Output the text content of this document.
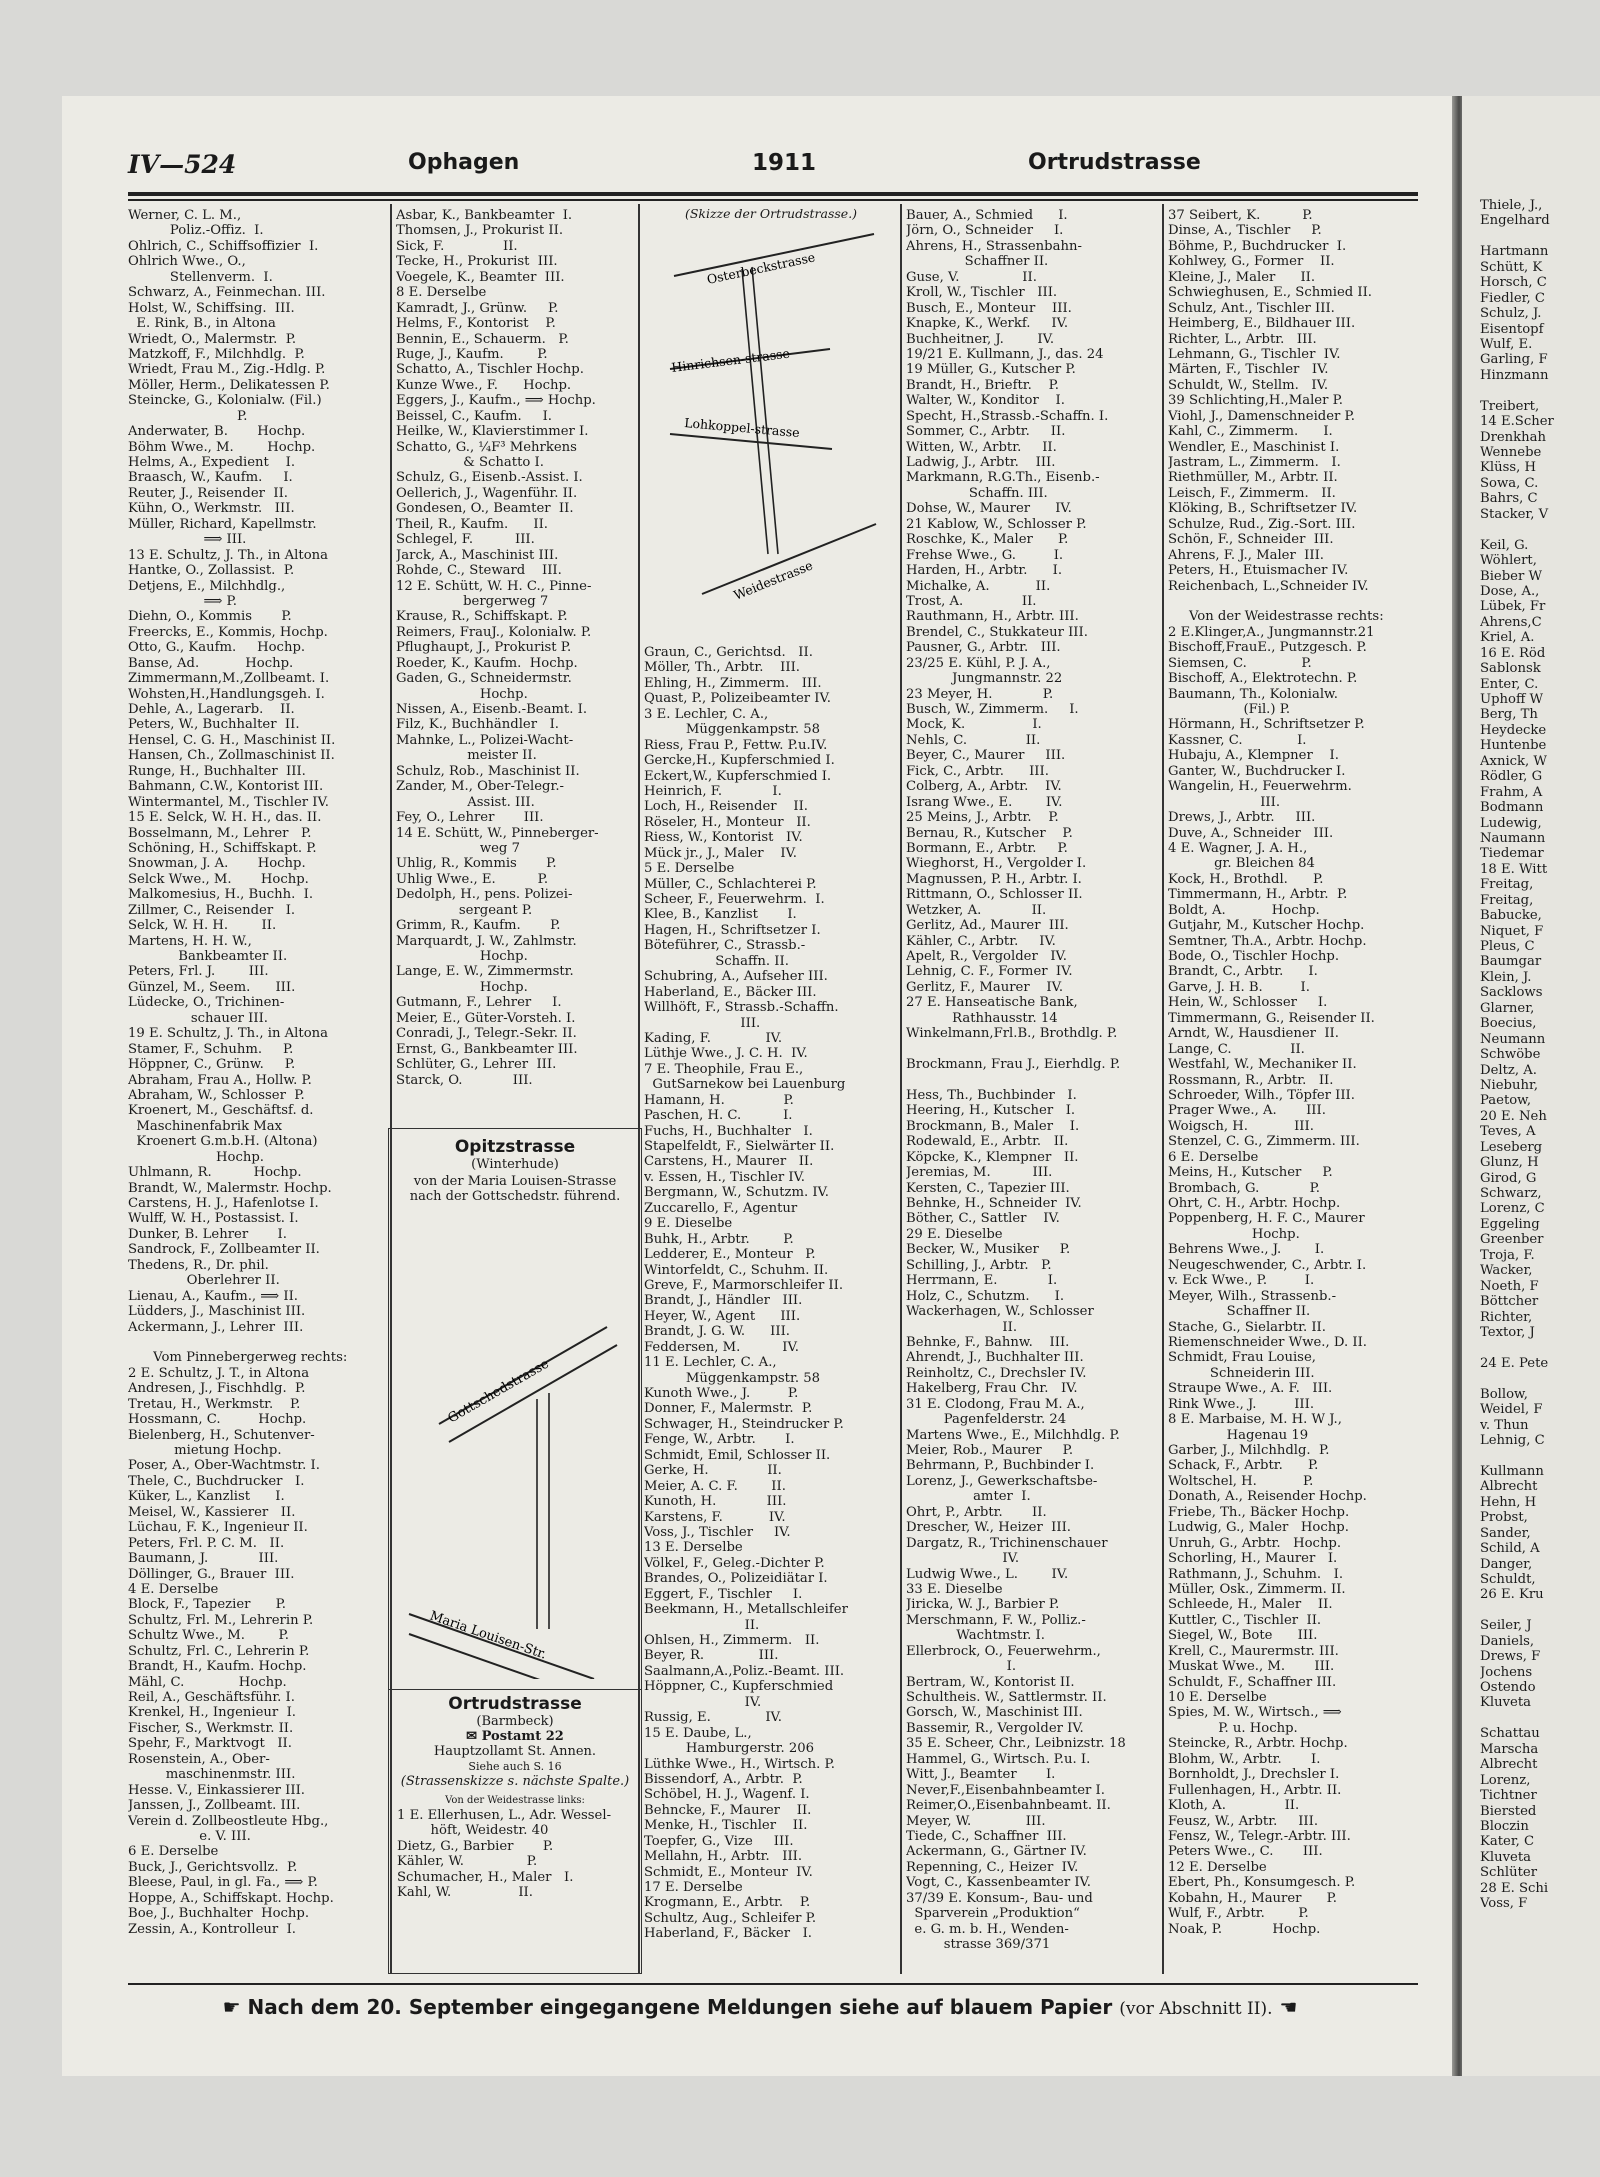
IV—524	Ophagen	1911	Ortrudstrasse
Werner, C. L. M.,
Poliz.-Offiz.  I.
Ohlrich, C., Schiffsoffizier  I.
Ohlrich Wwe., O.,
Stellenverm.  I.
Schwarz, A., Feinmechan. III.
Holst, W., Schiffsing.  III.
E. Rink, B., in Altona
Wriedt, O., Malermstr.  P.
Matzkoff, F., Milchhdlg.  P.
Wriedt, Frau M., Zig.-Hdlg. P.
Möller, Herm., Delikatessen P.
Steincke, G., Kolonialw. (Fil.)
P.
Anderwater, B.       Hochp.
Böhm Wwe., M.        Hochp.
Helms, A., Expedient    I.
Braasch, W., Kaufm.     I.
Reuter, J., Reisender  II.
Kühn, O., Werkmstr.   III.
Müller, Richard, Kapellmstr.
⟹ III.
13 E. Schultz, J. Th., in Altona
Hantke, O., Zollassist.  P.
Detjens, E., Milchhdlg.,
⟹ P.
Diehn, O., Kommis       P.
Freercks, E., Kommis, Hochp.
Otto, G., Kaufm.     Hochp.
Banse, Ad.           Hochp.
Zimmermann,M.,Zollbeamt. I.
Wohsten,H.,Handlungsgeh. I.
Dehle, A., Lagerarb.    II.
Peters, W., Buchhalter  II.
Hensel, C. G. H., Maschinist II.
Hansen, Ch., Zollmaschinist II.
Runge, H., Buchhalter  III.
Bahmann, C.W., Kontorist III.
Wintermantel, M., Tischler IV.
15 E. Selck, W. H. H., das. II.
Bosselmann, M., Lehrer   P.
Schöning, H., Schiffskapt. P.
Snowman, J. A.       Hochp.
Selck Wwe., M.       Hochp.
Malkomesius, H., Buchh.  I.
Zillmer, C., Reisender   I.
Selck, W. H. H.        II.
Martens, H. H. W.,
Bankbeamter II.
Peters, Frl. J.        III.
Günzel, M., Seem.      III.
Lüdecke, O., Trichinen-
schauer III.
19 E. Schultz, J. Th., in Altona
Stamer, F., Schuhm.     P.
Höppner, C., Grünw.     P.
Abraham, Frau A., Hollw. P.
Abraham, W., Schlosser  P.
Kroenert, M., Geschäftsf. d.
Maschinenfabrik Max
Kroenert G.m.b.H. (Altona)
Hochp.
Uhlmann, R.          Hochp.
Brandt, W., Malermstr. Hochp.
Carstens, H. J., Hafenlotse I.
Wulff, W. H., Postassist. I.
Dunker, B. Lehrer       I.
Sandrock, F., Zollbeamter II.
Thedens, R., Dr. phil.
Oberlehrer II.
Lienau, A., Kaufm., ⟹ II.
Lüdders, J., Maschinist III.
Ackermann, J., Lehrer  III.
Vom Pinnebergerweg rechts:
2 E. Schultz, J. T., in Altona
Andresen, J., Fischhdlg.  P.
Tretau, H., Werkmstr.    P.
Hossmann, C.         Hochp.
Bielenberg, H., Schutenver-
mietung Hochp.
Poser, A., Ober-Wachtmstr. I.
Thele, C., Buchdrucker   I.
Küker, L., Kanzlist      I.
Meisel, W., Kassierer   II.
Lüchau, F. K., Ingenieur II.
Peters, Frl. P. C. M.   II.
Baumann, J.            III.
Döllinger, G., Brauer  III.
4 E. Derselbe
Block, F., Tapezier      P.
Schultz, Frl. M., Lehrerin P.
Schultz Wwe., M.        P.
Schultz, Frl. C., Lehrerin P.
Brandt, H., Kaufm. Hochp.
Mähl, C.             Hochp.
Reil, A., Geschäftsführ. I.
Krenkel, H., Ingenieur  I.
Fischer, S., Werkmstr. II.
Spehr, F., Marktvogt   II.
Rosenstein, A., Ober-
maschinenmstr. III.
Hesse. V., Einkassierer III.
Janssen, J., Zollbeamt. III.
Verein d. Zollbeostleute Hbg.,
e. V. III.
6 E. Derselbe
Buck, J., Gerichtsvollz.  P.
Bleese, Paul, in gl. Fa., ⟹ P.
Hoppe, A., Schiffskapt. Hochp.
Boe, J., Buchhalter  Hochp.
Zessin, A., Kontrolleur  I.
Asbar, K., Bankbeamter  I.
Thomsen, J., Prokurist II.
Sick, F.              II.
Tecke, H., Prokurist  III.
Voegele, K., Beamter  III.
8 E. Derselbe
Kamradt, J., Grünw.     P.
Helms, F., Kontorist    P.
Bennin, E., Schauerm.   P.
Ruge, J., Kaufm.        P.
Schatto, A., Tischler Hochp.
Kunze Wwe., F.      Hochp.
Eggers, J., Kaufm., ⟹ Hochp.
Beissel, C., Kaufm.     I.
Heilke, W., Klavierstimmer I.
Schatto, G., ¼F³ Mehrkens
& Schatto I.
Schulz, G., Eisenb.-Assist. I.
Oellerich, J., Wagenführ. II.
Gondesen, O., Beamter  II.
Theil, R., Kaufm.      II.
Schlegel, F.          III.
Jarck, A., Maschinist III.
Rohde, C., Steward    III.
12 E. Schütt, W. H. C., Pinne-
bergerweg 7
Krause, R., Schiffskapt. P.
Reimers, FrauJ., Kolonialw. P.
Pflughaupt, J., Prokurist P.
Roeder, K., Kaufm.  Hochp.
Gaden, G., Schneidermstr.
Hochp.
Nissen, A., Eisenb.-Beamt. I.
Filz, K., Buchhändler   I.
Mahnke, L., Polizei-Wacht-
meister II.
Schulz, Rob., Maschinist II.
Zander, M., Ober-Telegr.-
Assist. III.
Fey, O., Lehrer       III.
14 E. Schütt, W., Pinneberger-
weg 7
Uhlig, R., Kommis       P.
Uhlig Wwe., E.          P.
Dedolph, H., pens. Polizei-
sergeant P.
Grimm, R., Kaufm.       P.
Marquardt, J. W., Zahlmstr.
Hochp.
Lange, E. W., Zimmermstr.
Hochp.
Gutmann, F., Lehrer     I.
Meier, E., Güter-Vorsteh. I.
Conradi, J., Telegr.-Sekr. II.
Ernst, G., Bankbeamter III.
Schlüter, G., Lehrer  III.
Starck, O.            III.
Opitzstrasse
(Winterhude)
von der Maria Louisen-Strasse
nach der Gottschedstr. führend.
Gottschedstrasse
Maria Louisen-Str.
Ortrudstrasse
(Barmbeck)
✉ Postamt 22
Hauptzollamt St. Annen.
Siehe auch S. 16
(Strassenskizze s. nächste Spalte.)
Von der Weidestrasse links:
1 E. Ellerhusen, L., Adr. Wessel-
höft, Weidestr. 40
Dietz, G., Barbier       P.
Kähler, W.               P.
Schumacher, H., Maler   I.
Kahl, W.                II.
(Skizze der Ortrudstrasse.)
Osterbeckstrasse
Hinrichsen-strasse
Lohkoppel-strasse
Weidestrasse
Graun, C., Gerichtsd.   II.
Möller, Th., Arbtr.    III.
Ehling, H., Zimmerm.   III.
Quast, P., Polizeibeamter IV.
3 E. Lechler, C. A.,
Müggenkampstr. 58
Riess, Frau P., Fettw. P.u.IV.
Gercke,H., Kupferschmied I.
Eckert,W., Kupferschmied I.
Heinrich, F.            I.
Loch, H., Reisender    II.
Röseler, H., Monteur   II.
Riess, W., Kontorist   IV.
Mück jr., J., Maler    IV.
5 E. Derselbe
Müller, C., Schlachterei P.
Scheer, F., Feuerwehrm.  I.
Klee, B., Kanzlist       I.
Hagen, H., Schriftsetzer I.
Böteführer, C., Strassb.-
Schaffn. II.
Schubring, A., Aufseher III.
Haberland, E., Bäcker III.
Willhöft, F., Strassb.-Schaffn.
III.
Kading, F.             IV.
Lüthje Wwe., J. C. H.  IV.
7 E. Theophile, Frau E.,
GutSarnekow bei Lauenburg
Hamann, H.              P.
Paschen, H. C.          I.
Fuchs, H., Buchhalter   I.
Stapelfeldt, F., Sielwärter II.
Carstens, H., Maurer   II.
v. Essen, H., Tischler IV.
Bergmann, W., Schutzm. IV.
Zuccarello, F., Agentur
9 E. Dieselbe
Buhk, H., Arbtr.        P.
Ledderer, E., Monteur   P.
Wintorfeldt, C., Schuhm. II.
Greve, F., Marmorschleifer II.
Brandt, J., Händler   III.
Heyer, W., Agent      III.
Brandt, J. G. W.      III.
Feddersen, M.          IV.
11 E. Lechler, C. A.,
Müggenkampstr. 58
Kunoth Wwe., J.         P.
Donner, F., Malermstr.  P.
Schwager, H., Steindrucker P.
Fenge, W., Arbtr.       I.
Schmidt, Emil, Schlosser II.
Gerke, H.              II.
Meier, A. C. F.        II.
Kunoth, H.            III.
Karstens, F.           IV.
Voss, J., Tischler     IV.
13 E. Derselbe
Völkel, F., Geleg.-Dichter P.
Brandes, O., Polizeidiätar I.
Eggert, F., Tischler     I.
Beekmann, H., Metallschleifer
II.
Ohlsen, H., Zimmerm.   II.
Beyer, R.             III.
Saalmann,A.,Poliz.-Beamt. III.
Höppner, C., Kupferschmied
IV.
Russig, E.             IV.
15 E. Daube, L.,
Hamburgerstr. 206
Lüthke Wwe., H., Wirtsch. P.
Bissendorf, A., Arbtr.  P.
Schöbel, H. J., Wagenf. I.
Behncke, F., Maurer    II.
Menke, H., Tischler    II.
Toepfer, G., Vize     III.
Mellahn, H., Arbtr.   III.
Schmidt, E., Monteur  IV.
17 E. Derselbe
Krogmann, E., Arbtr.    P.
Schultz, Aug., Schleifer P.
Haberland, F., Bäcker   I.
Bauer, A., Schmied      I.
Jörn, O., Schneider     I.
Ahrens, H., Strassenbahn-
Schaffner II.
Guse, V.               II.
Kroll, W., Tischler   III.
Busch, E., Monteur    III.
Knapke, K., Werkf.     IV.
Buchheitner, J.        IV.
19/21 E. Kullmann, J., das. 24
19 Müller, G., Kutscher P.
Brandt, H., Brieftr.    P.
Walter, W., Konditor    I.
Specht, H.,Strassb.-Schaffn. I.
Sommer, C., Arbtr.     II.
Witten, W., Arbtr.     II.
Ladwig, J., Arbtr.    III.
Markmann, R.G.Th., Eisenb.-
Schaffn. III.
Dohse, W., Maurer      IV.
21 Kablow, W., Schlosser P.
Roschke, K., Maler      P.
Frehse Wwe., G.         I.
Harden, H., Arbtr.      I.
Michalke, A.           II.
Trost, A.              II.
Rauthmann, H., Arbtr. III.
Brendel, C., Stukkateur III.
Pausner, G., Arbtr.   III.
23/25 E. Kühl, P. J. A.,
Jungmannstr. 22
23 Meyer, H.            P.
Busch, W., Zimmerm.     I.
Mock, K.                I.
Nehls, C.              II.
Beyer, C., Maurer     III.
Fick, C., Arbtr.      III.
Colberg, A., Arbtr.    IV.
Israng Wwe., E.        IV.
25 Meins, J., Arbtr.    P.
Bernau, R., Kutscher    P.
Bormann, E., Arbtr.     P.
Wieghorst, H., Vergolder I.
Magnussen, P. H., Arbtr. I.
Rittmann, O., Schlosser II.
Wetzker, A.            II.
Gerlitz, Ad., Maurer  III.
Kähler, C., Arbtr.     IV.
Apelt, R., Vergolder   IV.
Lehnig, C. F., Former  IV.
Gerlitz, F., Maurer    IV.
27 E. Hanseatische Bank,
Rathhausstr. 14
Winkelmann,Frl.B., Brothdlg. P.
Brockmann, Frau J., Eierhdlg. P.
Hess, Th., Buchbinder   I.
Heering, H., Kutscher   I.
Brockmann, B., Maler    I.
Rodewald, E., Arbtr.   II.
Köpcke, K., Klempner   II.
Jeremias, M.          III.
Kersten, C., Tapezier III.
Behnke, H., Schneider  IV.
Böther, C., Sattler    IV.
29 E. Dieselbe
Becker, W., Musiker     P.
Schilling, J., Arbtr.   P.
Herrmann, E.            I.
Holz, C., Schutzm.      I.
Wackerhagen, W., Schlosser
II.
Behnke, F., Bahnw.    III.
Ahrendt, J., Buchhalter III.
Reinholtz, C., Drechsler IV.
Hakelberg, Frau Chr.   IV.
31 E. Clodong, Frau M. A.,
Pagenfelderstr. 24
Martens Wwe., E., Milchhdlg. P.
Meier, Rob., Maurer     P.
Behrmann, P., Buchbinder I.
Lorenz, J., Gewerkschaftsbe-
amter  I.
Ohrt, P., Arbtr.       II.
Drescher, W., Heizer  III.
Dargatz, R., Trichinenschauer
IV.
Ludwig Wwe., L.        IV.
33 E. Dieselbe
Jiricka, W. J., Barbier P.
Merschmann, F. W., Polliz.-
Wachtmstr. I.
Ellerbrock, O., Feuerwehrm.,
I.
Bertram, W., Kontorist II.
Schultheis. W., Sattlermstr. II.
Gorsch, W., Maschinist III.
Bassemir, R., Vergolder IV.
35 E. Scheer, Chr., Leibnizstr. 18
Hammel, G., Wirtsch. P.u. I.
Witt, J., Beamter       I.
Never,F.,Eisenbahnbeamter I.
Reimer,O.,Eisenbahnbeamt. II.
Meyer, W.             III.
Tiede, C., Schaffner  III.
Ackermann, G., Gärtner IV.
Repenning, C., Heizer  IV.
Vogt, C., Kassenbeamter IV.
37/39 E. Konsum-, Bau- und
Sparverein „Produktion“
e. G. m. b. H., Wenden-
strasse 369/371
37 Seibert, K.          P.
Dinse, A., Tischler     P.
Böhme, P., Buchdrucker  I.
Kohlwey, G., Former    II.
Kleine, J., Maler      II.
Schwieghusen, E., Schmied II.
Schulz, Ant., Tischler III.
Heimberg, E., Bildhauer III.
Richter, L., Arbtr.   III.
Lehmann, G., Tischler  IV.
Märten, F., Tischler   IV.
Schuldt, W., Stellm.   IV.
39 Schlichting,H.,Maler P.
Viohl, J., Damenschneider P.
Kahl, C., Zimmerm.      I.
Wendler, E., Maschinist I.
Jastram, L., Zimmerm.   I.
Riethmüller, M., Arbtr. II.
Leisch, F., Zimmerm.   II.
Klöking, B., Schriftsetzer IV.
Schulze, Rud., Zig.-Sort. III.
Schön, F., Schneider  III.
Ahrens, F. J., Maler  III.
Peters, H., Etuismacher IV.
Reichenbach, L.,Schneider IV.
Von der Weidestrasse rechts:
2 E.Klinger,A., Jungmannstr.21
Bischoff,FrauE., Putzgesch. P.
Siemsen, C.             P.
Bischoff, A., Elektrotechn. P.
Baumann, Th., Kolonialw.
(Fil.) P.
Hörmann, H., Schriftsetzer P.
Kassner, C.             I.
Hubaju, A., Klempner    I.
Ganter, W., Buchdrucker I.
Wangelin, H., Feuerwehrm.
III.
Drews, J., Arbtr.     III.
Duve, A., Schneider   III.
4 E. Wagner, J. A. H.,
gr. Bleichen 84
Kock, H., Brothdl.      P.
Timmermann, H., Arbtr.  P.
Boldt, A.           Hochp.
Gutjahr, M., Kutscher Hochp.
Semtner, Th.A., Arbtr. Hochp.
Bode, O., Tischler Hochp.
Brandt, C., Arbtr.      I.
Garve, J. H. B.         I.
Hein, W., Schlosser     I.
Timmermann, G., Reisender II.
Arndt, W., Hausdiener  II.
Lange, C.              II.
Westfahl, W., Mechaniker II.
Rossmann, R., Arbtr.   II.
Schroeder, Wilh., Töpfer III.
Prager Wwe., A.       III.
Woigsch, H.           III.
Stenzel, C. G., Zimmerm. III.
6 E. Derselbe
Meins, H., Kutscher     P.
Brombach, G.            P.
Ohrt, C. H., Arbtr. Hochp.
Poppenberg, H. F. C., Maurer
Hochp.
Behrens Wwe., J.        I.
Neugeschwender, C., Arbtr. I.
v. Eck Wwe., P.         I.
Meyer, Wilh., Strassenb.-
Schaffner II.
Stache, G., Sielarbtr. II.
Riemenschneider Wwe., D. II.
Schmidt, Frau Louise,
Schneiderin III.
Straupe Wwe., A. F.   III.
Rink Wwe., J.         III.
8 E. Marbaise, M. H. W J.,
Hagenau 19
Garber, J., Milchhdlg.  P.
Schack, F., Arbtr.      P.
Woltschel, H.           P.
Donath, A., Reisender Hochp.
Friebe, Th., Bäcker Hochp.
Ludwig, G., Maler   Hochp.
Unruh, G., Arbtr.   Hochp.
Schorling, H., Maurer   I.
Rathmann, J., Schuhm.   I.
Müller, Osk., Zimmerm. II.
Schleede, H., Maler    II.
Kuttler, C., Tischler  II.
Siegel, W., Bote      III.
Krell, C., Maurermstr. III.
Muskat Wwe., M.       III.
Schuldt, F., Schaffner III.
10 E. Derselbe
Spies, M. W., Wirtsch., ⟹
P. u. Hochp.
Steincke, R., Arbtr. Hochp.
Blohm, W., Arbtr.       I.
Bornholdt, J., Drechsler I.
Fullenhagen, H., Arbtr. II.
Kloth, A.              II.
Feusz, W., Arbtr.     III.
Fensz, W., Telegr.-Arbtr. III.
Peters Wwe., C.       III.
12 E. Derselbe
Ebert, Ph., Konsumgesch. P.
Kobahn, H., Maurer      P.
Wulf, F., Arbtr.        P.
Noak, P.            Hochp.
Thiele, J.,
Engelhard
Hartmann
Schütt, K
Horsch, C
Fiedler, C
Schulz, J.
Eisentopf
Wulf, E.
Garling, F
Hinzmann
Treibert,
14 E.Scher
Drenkhah
Wennebe
Klüss, H
Sowa, C.
Bahrs, C
Stacker, V
Keil, G.
Wöhlert,
Bieber W
Dose, A.,
Lübek, Fr
Ahrens,C
Kriel, A.
16 E. Röd
Sablonsk
Enter, C.
Uphoff W
Berg, Th
Heydecke
Huntenbe
Axnick, W
Rödler, G
Frahm, A
Bodmann
Ludewig,
Naumann
Tiedemar
18 E. Witt
Freitag,
Freitag,
Babucke,
Niquet, F
Pleus, C
Baumgar
Klein, J.
Sacklows
Glarner,
Boecius,
Neumann
Schwöbe
Deltz, A.
Niebuhr,
Paetow,
20 E. Neh
Teves, A
Leseberg
Glunz, H
Girod, G
Schwarz,
Lorenz, C
Eggeling
Greenber
Troja, F.
Wacker,
Noeth, F
Böttcher
Richter,
Textor, J
24 E. Pete
Bollow,
Weidel, F
v. Thun
Lehnig, C
Kullmann
Albrecht
Hehn, H
Probst,
Sander,
Schild, A
Danger,
Schuldt,
26 E. Kru
Seiler, J
Daniels,
Drews, F
Jochens
Ostendo
Kluveta
Schattau
Marscha
Albrecht
Lorenz,
Tichtner
Biersted
Bloczin
Kater, C
Kluveta
Schlüter
28 E. Schi
Voss, F
☛ Nach dem 20. September eingegangene Meldungen siehe auf blauem Papier (vor Abschnitt II). ☚
